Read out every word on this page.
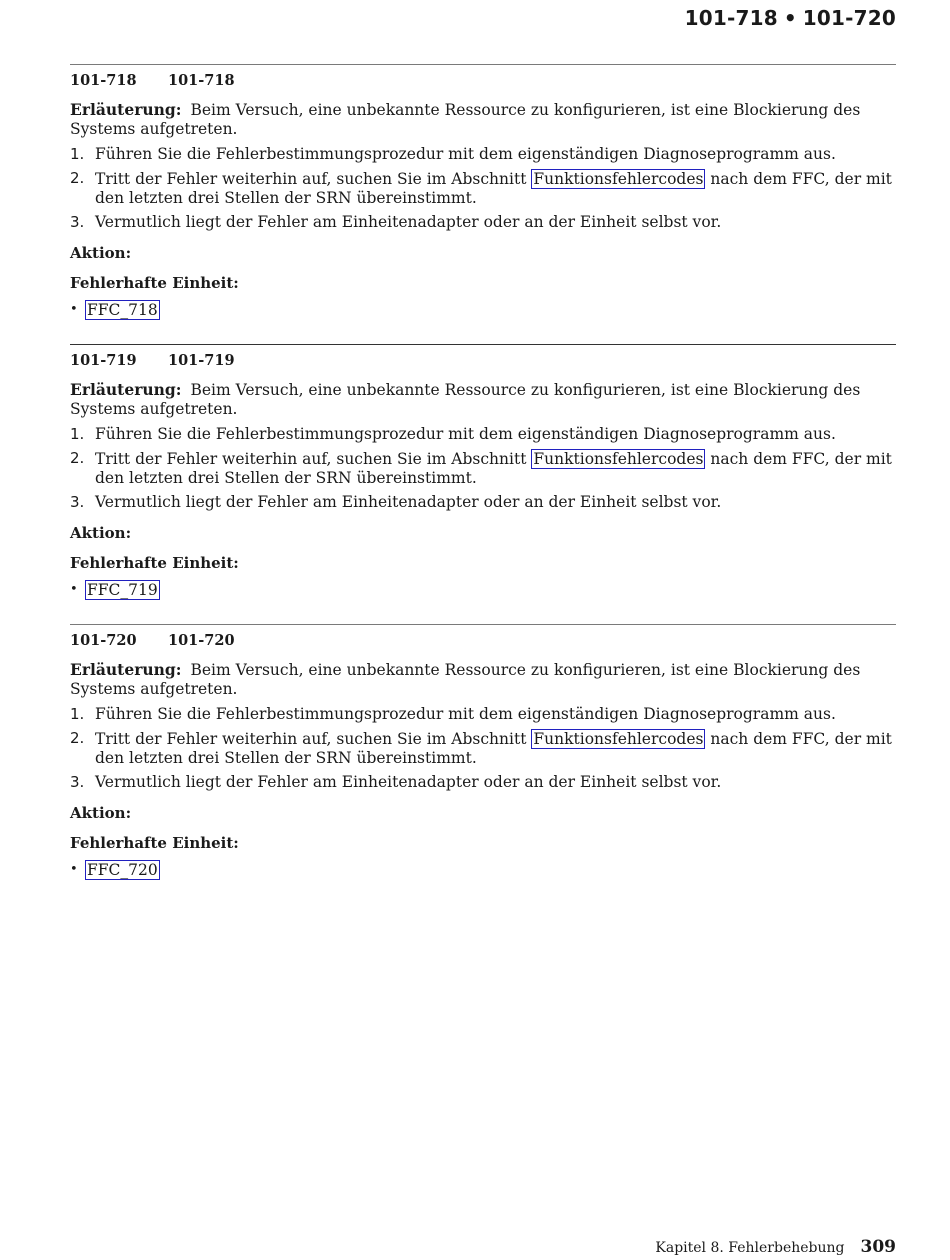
101-718 • 101-720
101-718 101-718

Erläuterung: Beim Versuch, eine unbekannte Ressource zu konfigurieren, ist eine Blockierung des Systems aufgetreten.

1. Führen Sie die Fehlerbestimmungsprozedur mit dem eigenständigen Diagnoseprogramm aus.
2. Tritt der Fehler weiterhin auf, suchen Sie im Abschnitt Funktionsfehlercodes nach dem FFC, der mit den letzten drei Stellen der SRN übereinstimmt.
3. Vermutlich liegt der Fehler am Einheitenadapter oder an der Einheit selbst vor.
Aktion:
Fehlerhafte Einheit:
• FFC_718
101-719 101-719

Erläuterung: Beim Versuch, eine unbekannte Ressource zu konfigurieren, ist eine Blockierung des Systems aufgetreten.

1. Führen Sie die Fehlerbestimmungsprozedur mit dem eigenständigen Diagnoseprogramm aus.
2. Tritt der Fehler weiterhin auf, suchen Sie im Abschnitt Funktionsfehlercodes nach dem FFC, der mit den letzten drei Stellen der SRN übereinstimmt.
3. Vermutlich liegt der Fehler am Einheitenadapter oder an der Einheit selbst vor.
Aktion:
Fehlerhafte Einheit:
• FFC_719
101-720 101-720

Erläuterung: Beim Versuch, eine unbekannte Ressource zu konfigurieren, ist eine Blockierung des Systems aufgetreten.

1. Führen Sie die Fehlerbestimmungsprozedur mit dem eigenständigen Diagnoseprogramm aus.
2. Tritt der Fehler weiterhin auf, suchen Sie im Abschnitt Funktionsfehlercodes nach dem FFC, der mit den letzten drei Stellen der SRN übereinstimmt.
3. Vermutlich liegt der Fehler am Einheitenadapter oder an der Einheit selbst vor.
Aktion:
Fehlerhafte Einheit:
• FFC_720
Kapitel 8. Fehlerbehebung 309
